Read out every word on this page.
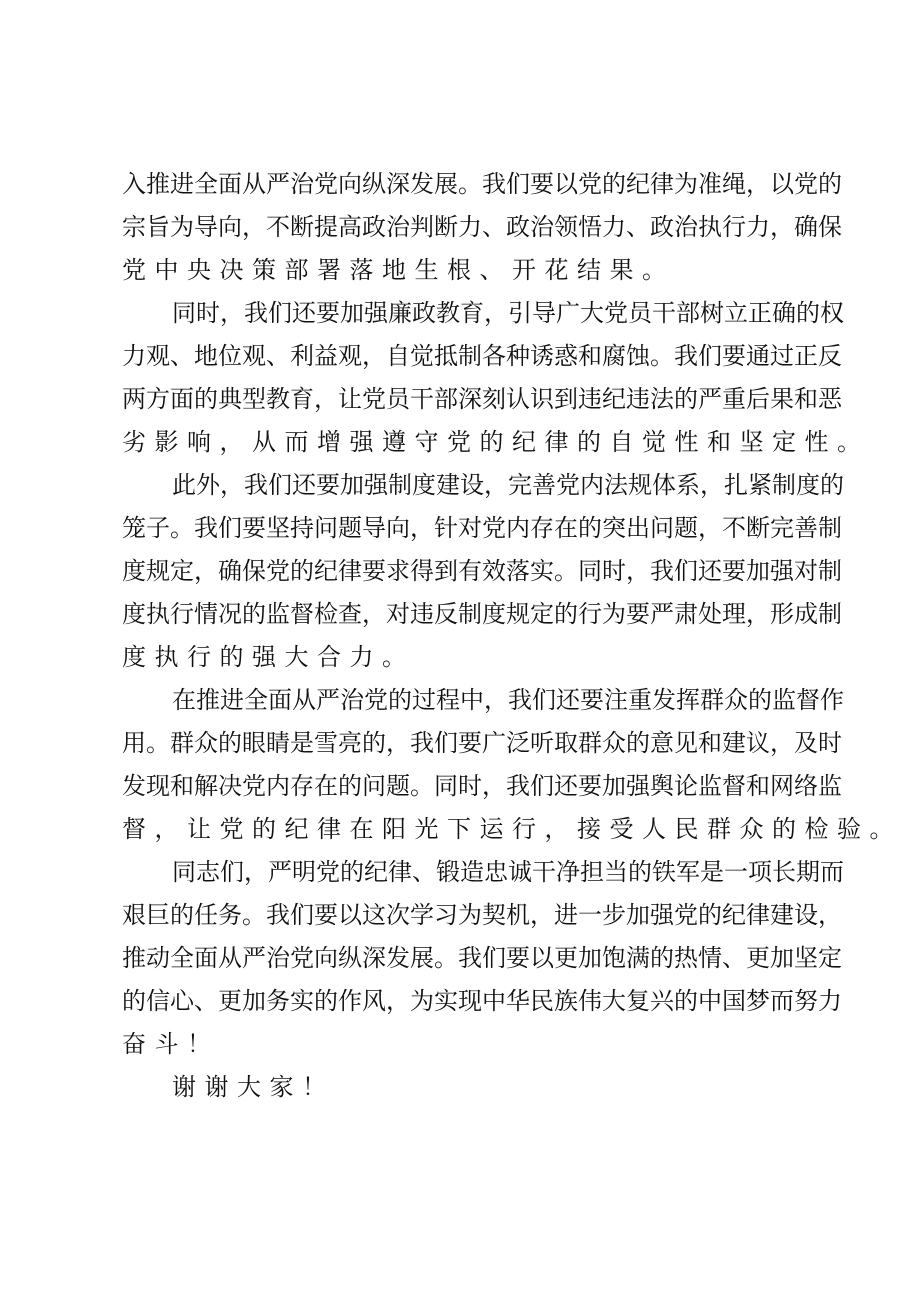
入推进全面从严治党向纵深发展。我们要以党的纪律为准绳，以党的
宗旨为导向，不断提高政治判断力、政治领悟力、政治执行力，确保
党中央决策部署落地生根、开花结果。
同时，我们还要加强廉政教育，引导广大党员干部树立正确的权
力观、地位观、利益观，自觉抵制各种诱惑和腐蚀。我们要通过正反
两方面的典型教育，让党员干部深刻认识到违纪违法的严重后果和恶
劣影响，从而增强遵守党的纪律的自觉性和坚定性。
此外，我们还要加强制度建设，完善党内法规体系，扎紧制度的
笼子。我们要坚持问题导向，针对党内存在的突出问题，不断完善制
度规定，确保党的纪律要求得到有效落实。同时，我们还要加强对制
度执行情况的监督检查，对违反制度规定的行为要严肃处理，形成制
度执行的强大合力。
在推进全面从严治党的过程中，我们还要注重发挥群众的监督作
用。群众的眼睛是雪亮的，我们要广泛听取群众的意见和建议，及时
发现和解决党内存在的问题。同时，我们还要加强舆论监督和网络监
督，让党的纪律在阳光下运行，接受人民群众的检验。
同志们，严明党的纪律、锻造忠诚干净担当的铁军是一项长期而
艰巨的任务。我们要以这次学习为契机，进一步加强党的纪律建设，
推动全面从严治党向纵深发展。我们要以更加饱满的热情、更加坚定
的信心、更加务实的作风，为实现中华民族伟大复兴的中国梦而努力
奋斗！
谢谢大家！
